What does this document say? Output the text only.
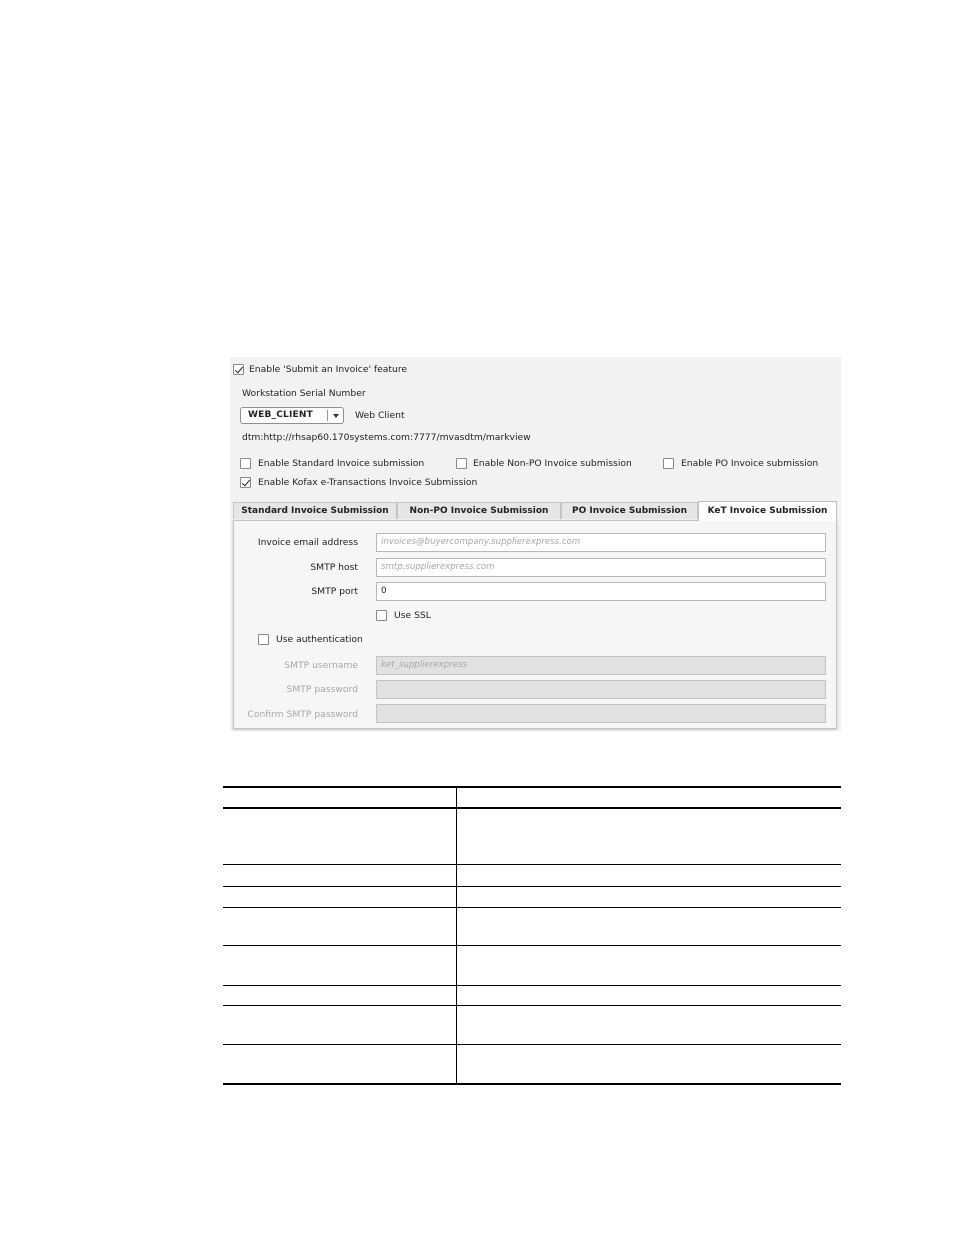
Enable 'Submit an Invoice' feature
Workstation Serial Number
WEB_CLIENT	Web Client
dtm:http://rhsap60.170systems.com:7777/mvasdtm/markview
Enable Standard Invoice submission	Enable Non-PO Invoice submission	Enable PO Invoice submission
Enable Kofax e-Transactions Invoice Submission
Standard Invoice Submission	Non-PO Invoice Submission	PO Invoice Submission	KeT Invoice Submission
Invoice email address	invoices@buyercompany.supplierexpress.com
SMTP host	smtp.supplierexpress.com
SMTP port	0
Use SSL
Use authentication
SMTP username	ket_supplierexpress
SMTP password
Confirm SMTP password
